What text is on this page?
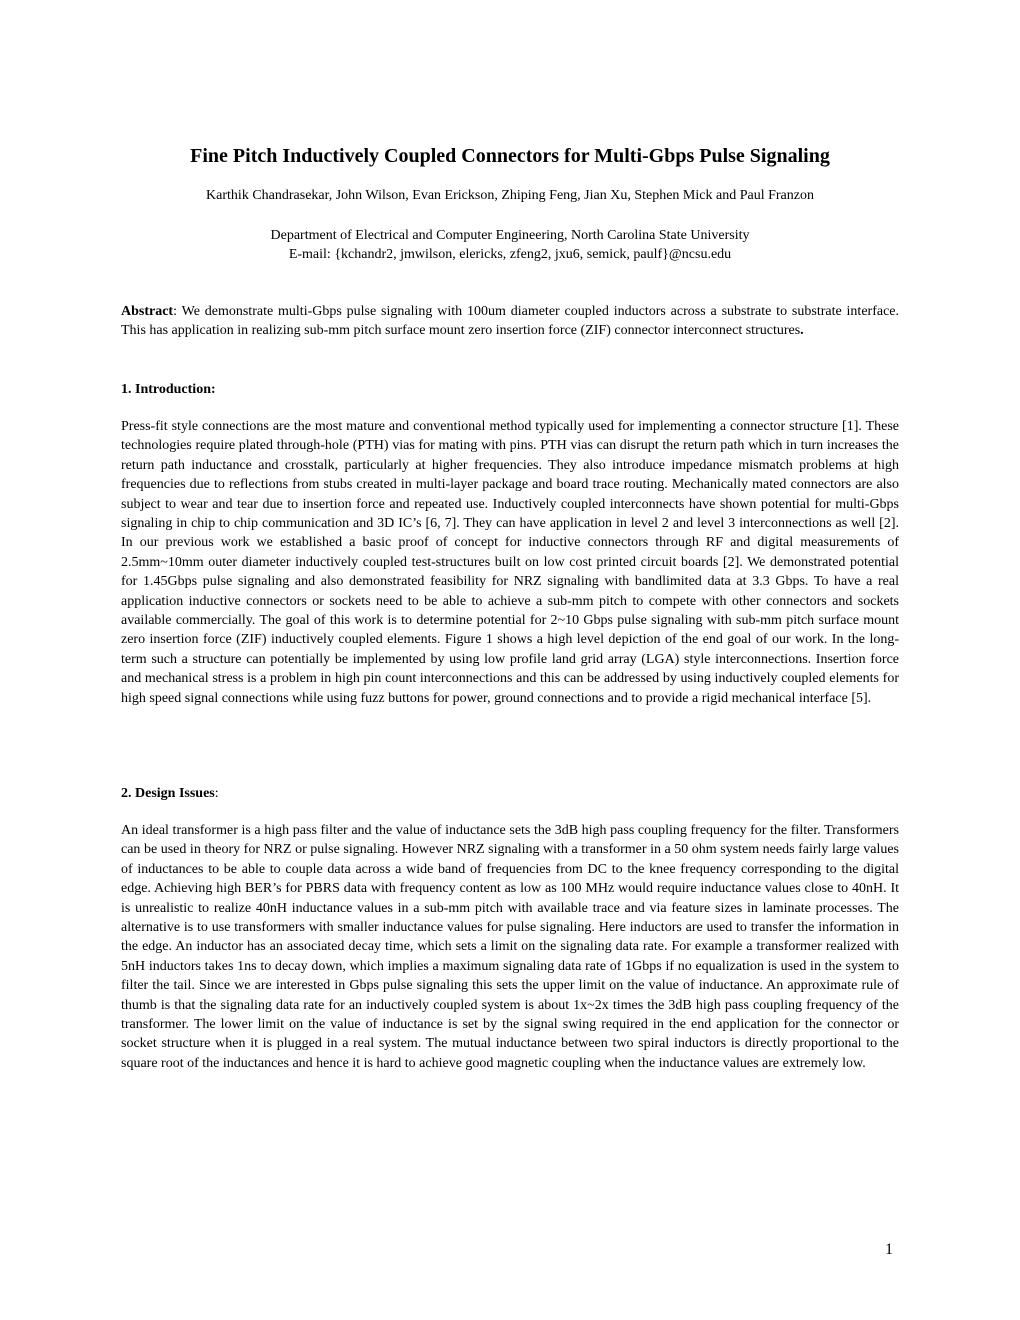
Fine Pitch Inductively Coupled Connectors for Multi-Gbps Pulse Signaling
Karthik Chandrasekar, John Wilson, Evan Erickson, Zhiping Feng, Jian Xu, Stephen Mick and Paul Franzon
Department of Electrical and Computer Engineering, North Carolina State University
E-mail: {kchandr2, jmwilson, elericks, zfeng2, jxu6, semick, paulf}@ncsu.edu
Abstract: We demonstrate multi-Gbps pulse signaling with 100um diameter coupled inductors across a substrate to substrate interface. This has application in realizing sub-mm pitch surface mount zero insertion force (ZIF) connector interconnect structures.
1. Introduction:
Press-fit style connections are the most mature and conventional method typically used for implementing a connector structure [1]. These technologies require plated through-hole (PTH) vias for mating with pins. PTH vias can disrupt the return path which in turn increases the return path inductance and crosstalk, particularly at higher frequencies. They also introduce impedance mismatch problems at high frequencies due to reflections from stubs created in multi-layer package and board trace routing. Mechanically mated connectors are also subject to wear and tear due to insertion force and repeated use. Inductively coupled interconnects have shown potential for multi-Gbps signaling in chip to chip communication and 3D IC’s [6, 7]. They can have application in level 2 and level 3 interconnections as well [2]. In our previous work we established a basic proof of concept for inductive connectors through RF and digital measurements of 2.5mm~10mm outer diameter inductively coupled test-structures built on low cost printed circuit boards [2]. We demonstrated potential for 1.45Gbps pulse signaling and also demonstrated feasibility for NRZ signaling with bandlimited data at 3.3 Gbps. To have a real application inductive connectors or sockets need to be able to achieve a sub-mm pitch to compete with other connectors and sockets available commercially. The goal of this work is to determine potential for 2~10 Gbps pulse signaling with sub-mm pitch surface mount zero insertion force (ZIF) inductively coupled elements. Figure 1 shows a high level depiction of the end goal of our work. In the long-term such a structure can potentially be implemented by using low profile land grid array (LGA) style interconnections. Insertion force and mechanical stress is a problem in high pin count interconnections and this can be addressed by using inductively coupled elements for high speed signal connections while using fuzz buttons for power, ground connections and to provide a rigid mechanical interface [5].
2. Design Issues:
An ideal transformer is a high pass filter and the value of inductance sets the 3dB high pass coupling frequency for the filter. Transformers can be used in theory for NRZ or pulse signaling. However NRZ signaling with a transformer in a 50 ohm system needs fairly large values of inductances to be able to couple data across a wide band of frequencies from DC to the knee frequency corresponding to the digital edge. Achieving high BER’s for PBRS data with frequency content as low as 100 MHz would require inductance values close to 40nH. It is unrealistic to realize 40nH inductance values in a sub-mm pitch with available trace and via feature sizes in laminate processes. The alternative is to use transformers with smaller inductance values for pulse signaling. Here inductors are used to transfer the information in the edge. An inductor has an associated decay time, which sets a limit on the signaling data rate. For example a transformer realized with 5nH inductors takes 1ns to decay down, which implies a maximum signaling data rate of 1Gbps if no equalization is used in the system to filter the tail. Since we are interested in Gbps pulse signaling this sets the upper limit on the value of inductance. An approximate rule of thumb is that the signaling data rate for an inductively coupled system is about 1x~2x times the 3dB high pass coupling frequency of the transformer. The lower limit on the value of inductance is set by the signal swing required in the end application for the connector or socket structure when it is plugged in a real system. The mutual inductance between two spiral inductors is directly proportional to the square root of the inductances and hence it is hard to achieve good magnetic coupling when the inductance values are extremely low.
1
